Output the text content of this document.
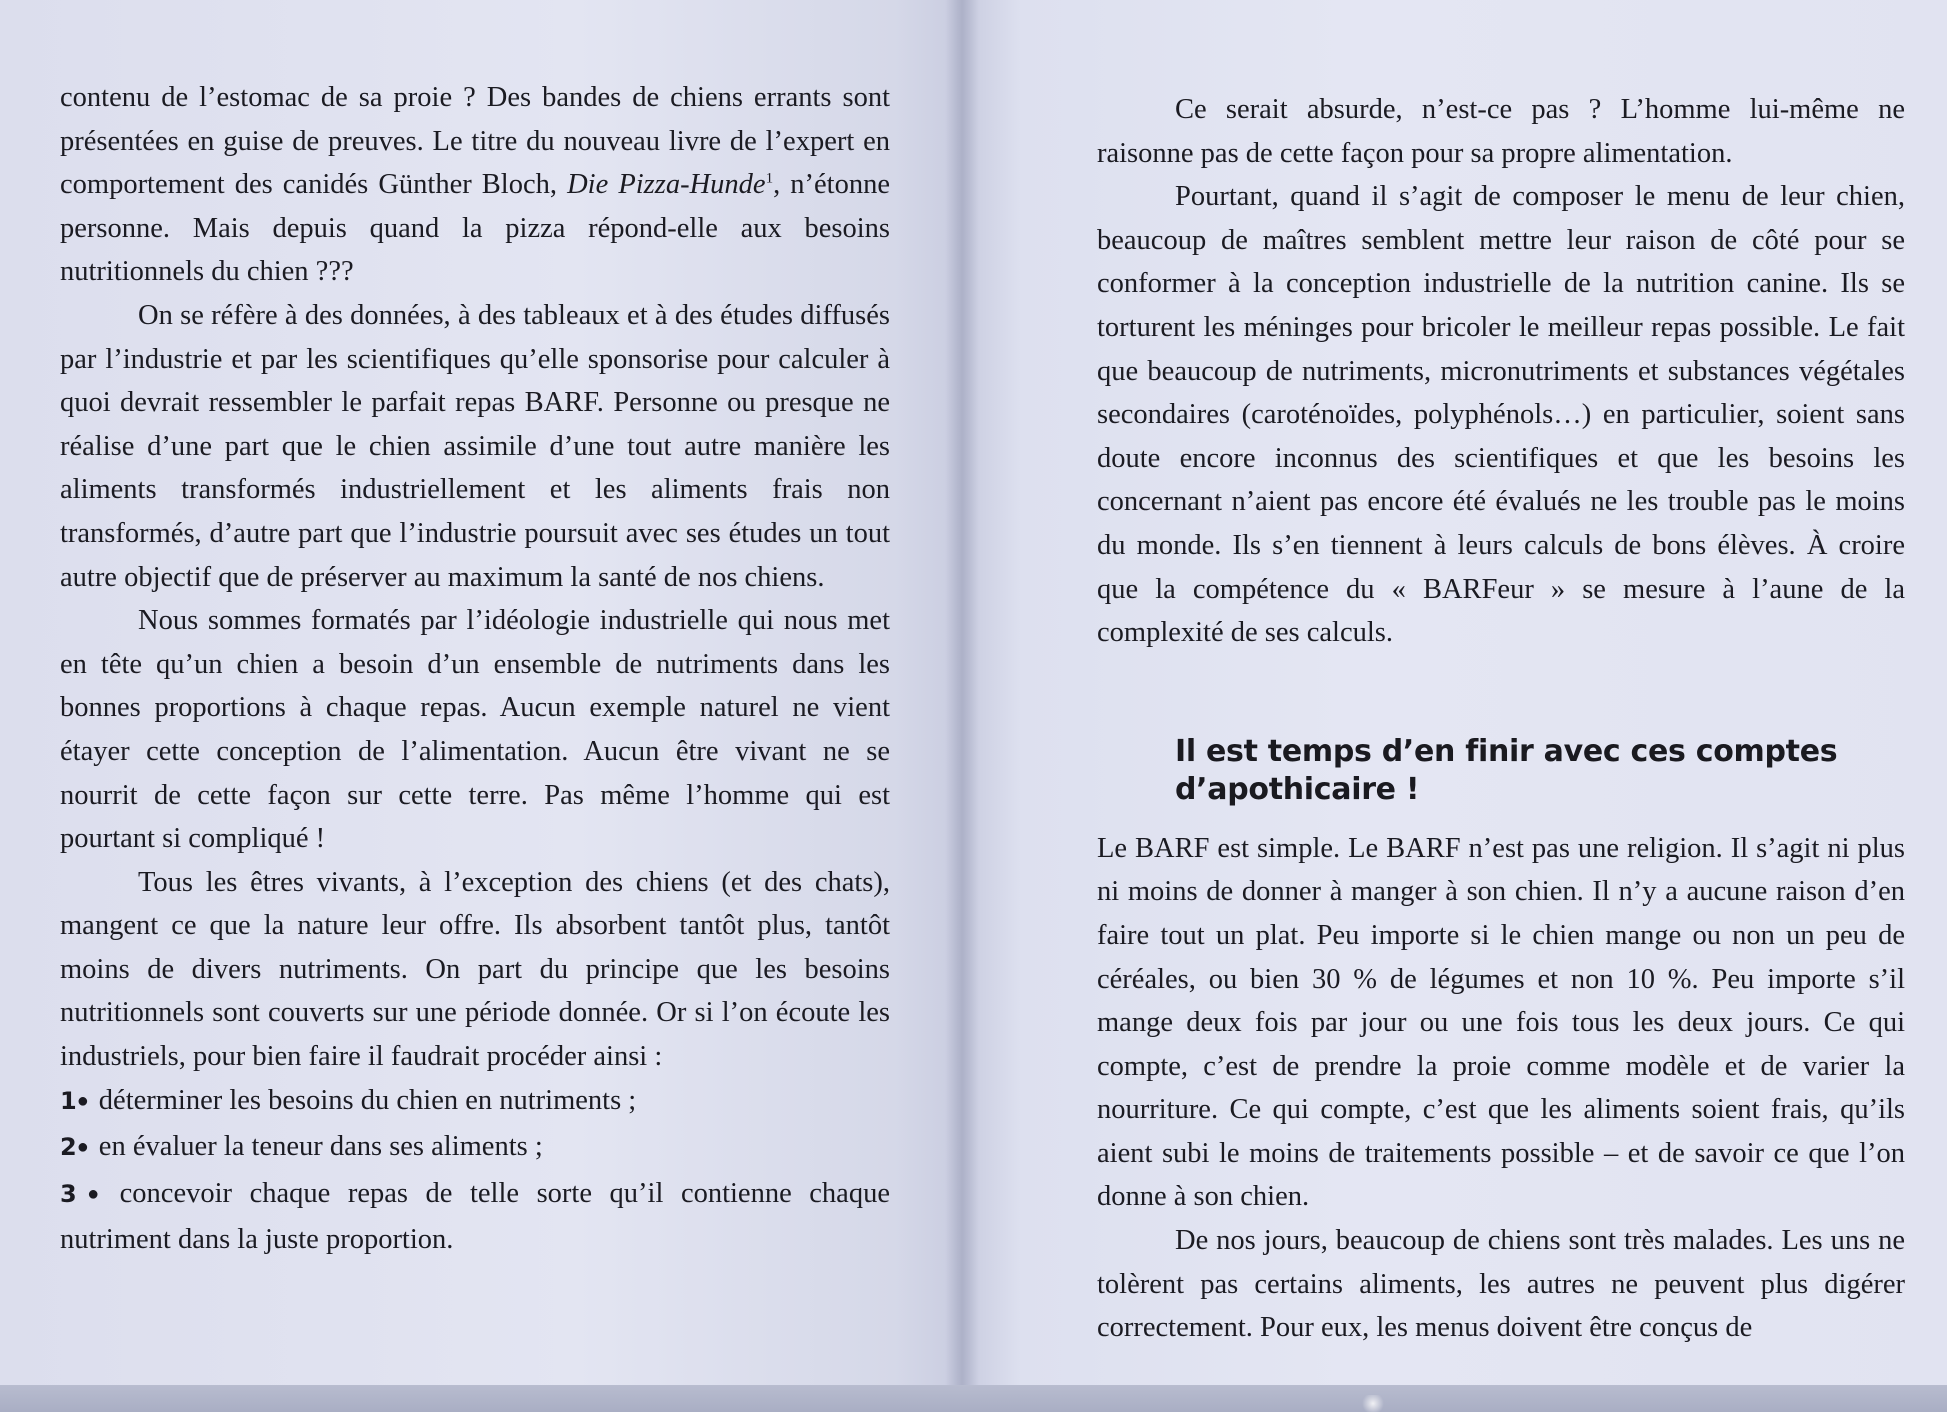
contenu de l’estomac de sa proie ? Des bandes de chiens errants sont présentées en guise de preuves. Le titre du nouveau livre de l’expert en comportement des canidés Günther Bloch, Die Pizza-Hunde$^1$, n’étonne personne. Mais depuis quand la pizza répond-elle aux besoins nutritionnels du chien ???

On se réfère à des données, à des tableaux et à des études diffusés par l’industrie et par les scientifiques qu’elle sponsorise pour calculer à quoi devrait ressembler le parfait repas BARF. Personne ou presque ne réalise d’une part que le chien assimile d’une tout autre manière les aliments transformés industriellement et les aliments frais non transformés, d’autre part que l’industrie poursuit avec ses études un tout autre objectif que de préserver au maximum la santé de nos chiens.

Nous sommes formatés par l’idéologie industrielle qui nous met en tête qu’un chien a besoin d’un ensemble de nutriments dans les bonnes proportions à chaque repas. Aucun exemple naturel ne vient étayer cette conception de l’alimentation. Aucun être vivant ne se nourrit de cette façon sur cette terre. Pas même l’homme qui est pourtant si compliqué !

Tous les êtres vivants, à l’exception des chiens (et des chats), mangent ce que la nature leur offre. Ils absorbent tantôt plus, tantôt moins de divers nutriments. On part du principe que les besoins nutritionnels sont couverts sur une période donnée. Or si l’on écoute les industriels, pour bien faire il faudrait procéder ainsi :

1● déterminer les besoins du chien en nutriments ;

2● en évaluer la teneur dans ses aliments ;

3● concevoir chaque repas de telle sorte qu’il contienne chaque nutriment dans la juste proportion.

Ce serait absurde, n’est-ce pas ? L’homme lui-même ne raisonne pas de cette façon pour sa propre alimentation.

Pourtant, quand il s’agit de composer le menu de leur chien, beaucoup de maîtres semblent mettre leur raison de côté pour se conformer à la conception industrielle de la nutrition canine. Ils se torturent les méninges pour bricoler le meilleur repas possible. Le fait que beaucoup de nutriments, micronutriments et substances végétales secondaires (caroténoïdes, polyphénols…) en particulier, soient sans doute encore inconnus des scientifiques et que les besoins les concernant n’aient pas encore été évalués ne les trouble pas le moins du monde. Ils s’en tiennent à leurs calculs de bons élèves. À croire que la compétence du « BARFeur » se mesure à l’aune de la complexité de ses calculs.

Il est temps d’en finir avec ces comptes
d’apothicaire !

Le BARF est simple. Le BARF n’est pas une religion. Il s’agit ni plus ni moins de donner à manger à son chien. Il n’y a aucune raison d’en faire tout un plat. Peu importe si le chien mange ou non un peu de céréales, ou bien 30 % de légumes et non 10 %. Peu importe s’il mange deux fois par jour ou une fois tous les deux jours. Ce qui compte, c’est de prendre la proie comme modèle et de varier la nourriture. Ce qui compte, c’est que les aliments soient frais, qu’ils aient subi le moins de traitements possible – et de savoir ce que l’on donne à son chien.

De nos jours, beaucoup de chiens sont très malades. Les uns ne tolèrent pas certains aliments, les autres ne peuvent plus digérer correctement. Pour eux, les menus doivent être conçus de
